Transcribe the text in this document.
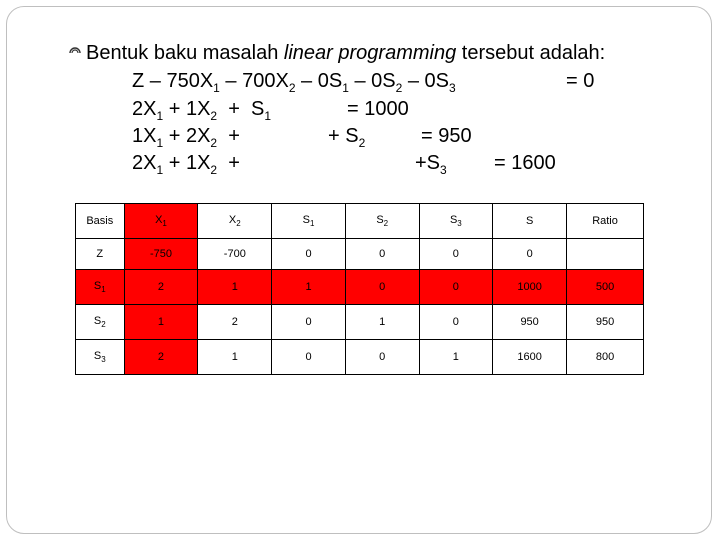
Bentuk baku masalah linear programming tersebut adalah:
Z – $750X_1 - 700X_2 - 0S_1 - 0S_2 - 0S_3$	= 0
$2X_1 + 1X_2 + S_1$	= 1000
$1X_1 + 2X_2$  +	+ $S_2$	= 950
$2X_1 + 1X_2$  +	$+S_3 = 1600$
Basis	$X_1$	$X_2$	$S_1$	$S_2$	$S_3$	S	Ratio
Z	-750	-700	0	0	0	0	
$S_1$	2	1	1	0	0	1000	500
$S_2$	1	2	0	1	0	950	950
$S_3$	2	1	0	0	1	1600	800
